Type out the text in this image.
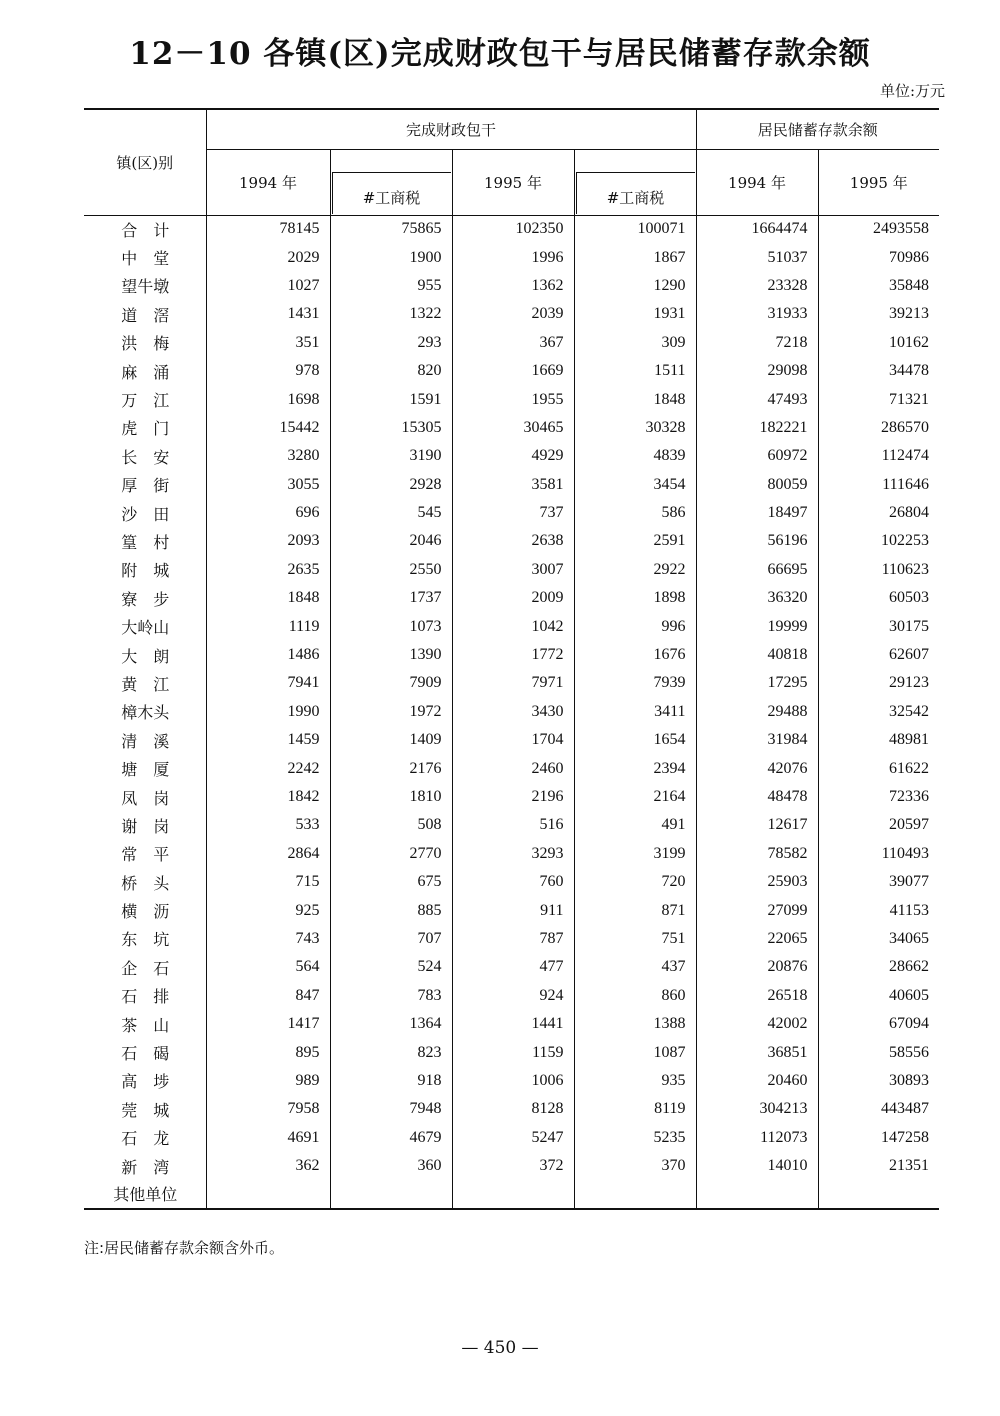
12－10 各镇(区)完成财政包干与居民储蓄存款余额
单位:万元
镇(区)别	完成财政包干				居民储蓄存款余额	
	1994 年	#工商税	1995 年	#工商税	1994 年	1995 年
合　计	78145	75865	102350	100071	1664474	2493558
中　堂	2029	1900	1996	1867	51037	70986
望牛墩	1027	955	1362	1290	23328	35848
道　滘	1431	1322	2039	1931	31933	39213
洪　梅	351	293	367	309	7218	10162
麻　涌	978	820	1669	1511	29098	34478
万　江	1698	1591	1955	1848	47493	71321
虎　门	15442	15305	30465	30328	182221	286570
长　安	3280	3190	4929	4839	60972	112474
厚　街	3055	2928	3581	3454	80059	111646
沙　田	696	545	737	586	18497	26804
篁　村	2093	2046	2638	2591	56196	102253
附　城	2635	2550	3007	2922	66695	110623
寮　步	1848	1737	2009	1898	36320	60503
大岭山	1119	1073	1042	996	19999	30175
大　朗	1486	1390	1772	1676	40818	62607
黄　江	7941	7909	7971	7939	17295	29123
樟木头	1990	1972	3430	3411	29488	32542
清　溪	1459	1409	1704	1654	31984	48981
塘　厦	2242	2176	2460	2394	42076	61622
凤　岗	1842	1810	2196	2164	48478	72336
谢　岗	533	508	516	491	12617	20597
常　平	2864	2770	3293	3199	78582	110493
桥　头	715	675	760	720	25903	39077
横　沥	925	885	911	871	27099	41153
东　坑	743	707	787	751	22065	34065
企　石	564	524	477	437	20876	28662
石　排	847	783	924	860	26518	40605
茶　山	1417	1364	1441	1388	42002	67094
石　碣	895	823	1159	1087	36851	58556
高　埗	989	918	1006	935	20460	30893
莞　城	7958	7948	8128	8119	304213	443487
石　龙	4691	4679	5247	5235	112073	147258
新　湾	362	360	372	370	14010	21351
其他单位						
注:居民储蓄存款余额含外币。
— 450 —
